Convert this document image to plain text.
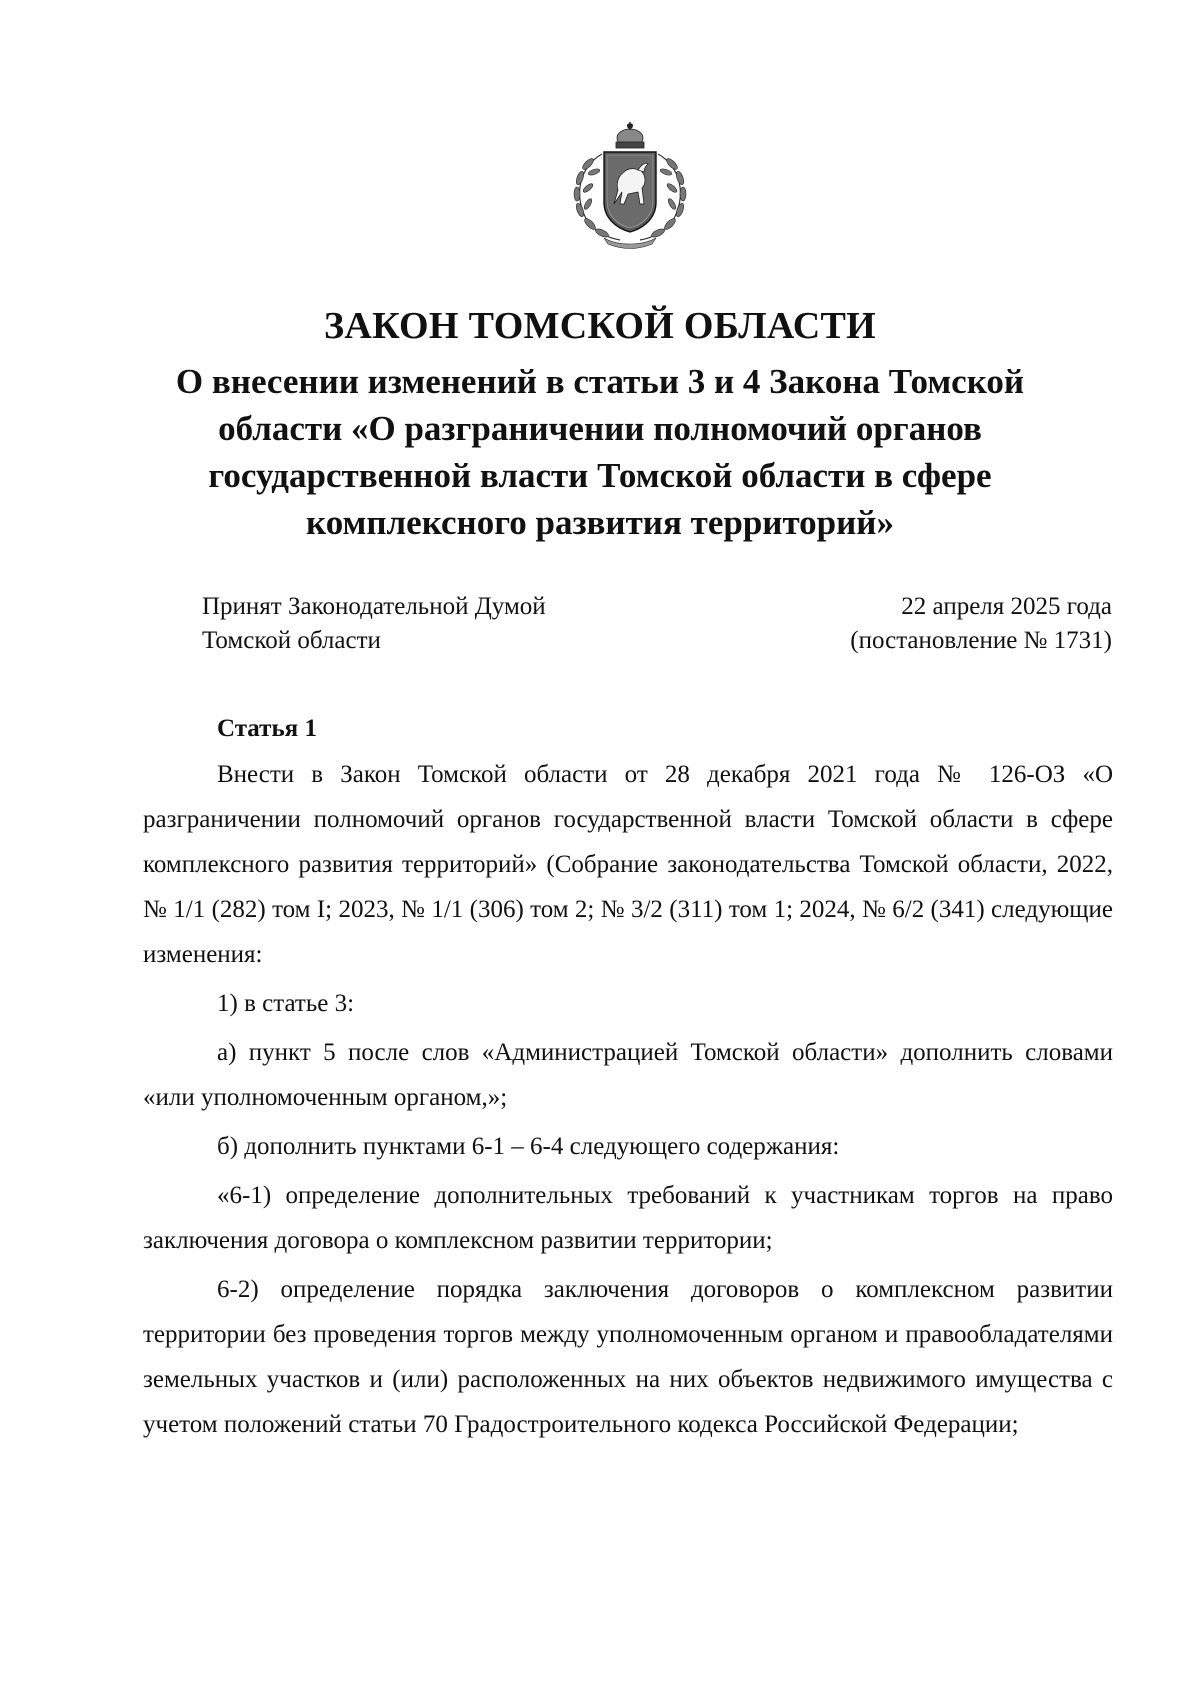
ЗАКОН ТОМСКОЙ ОБЛАСТИ
О внесении изменений в статьи 3 и 4 Закона Томской
области «О разграничении полномочий органов
государственной власти Томской области в сфере
комплексного развития территорий»
Принят Законодательной Думой
Томской области
22 апреля 2025 года
(постановление № 1731)
Статья 1

Внести в Закон Томской области от 28 декабря 2021 года № 126-ОЗ «О разграничении полномочий органов государственной власти Томской области в сфере комплексного развития территорий» (Собрание законодательства Томской области, 2022, № 1/1 (282) том I; 2023, № 1/1 (306) том 2; № 3/2 (311) том 1; 2024, № 6/2 (341) следующие изменения:

1) в статье 3:

а) пункт 5 после слов «Администрацией Томской области» дополнить словами «или уполномоченным органом,»;

б) дополнить пунктами 6-1 – 6-4 следующего содержания:

«6-1) определение дополнительных требований к участникам торгов на право заключения договора о комплексном развитии территории;

6-2) определение порядка заключения договоров о комплексном развитии территории без проведения торгов между уполномоченным органом и правообладателями земельных участков и (или) расположенных на них объектов недвижимого имущества с учетом положений статьи 70 Градостроительного кодекса Российской Федерации;
